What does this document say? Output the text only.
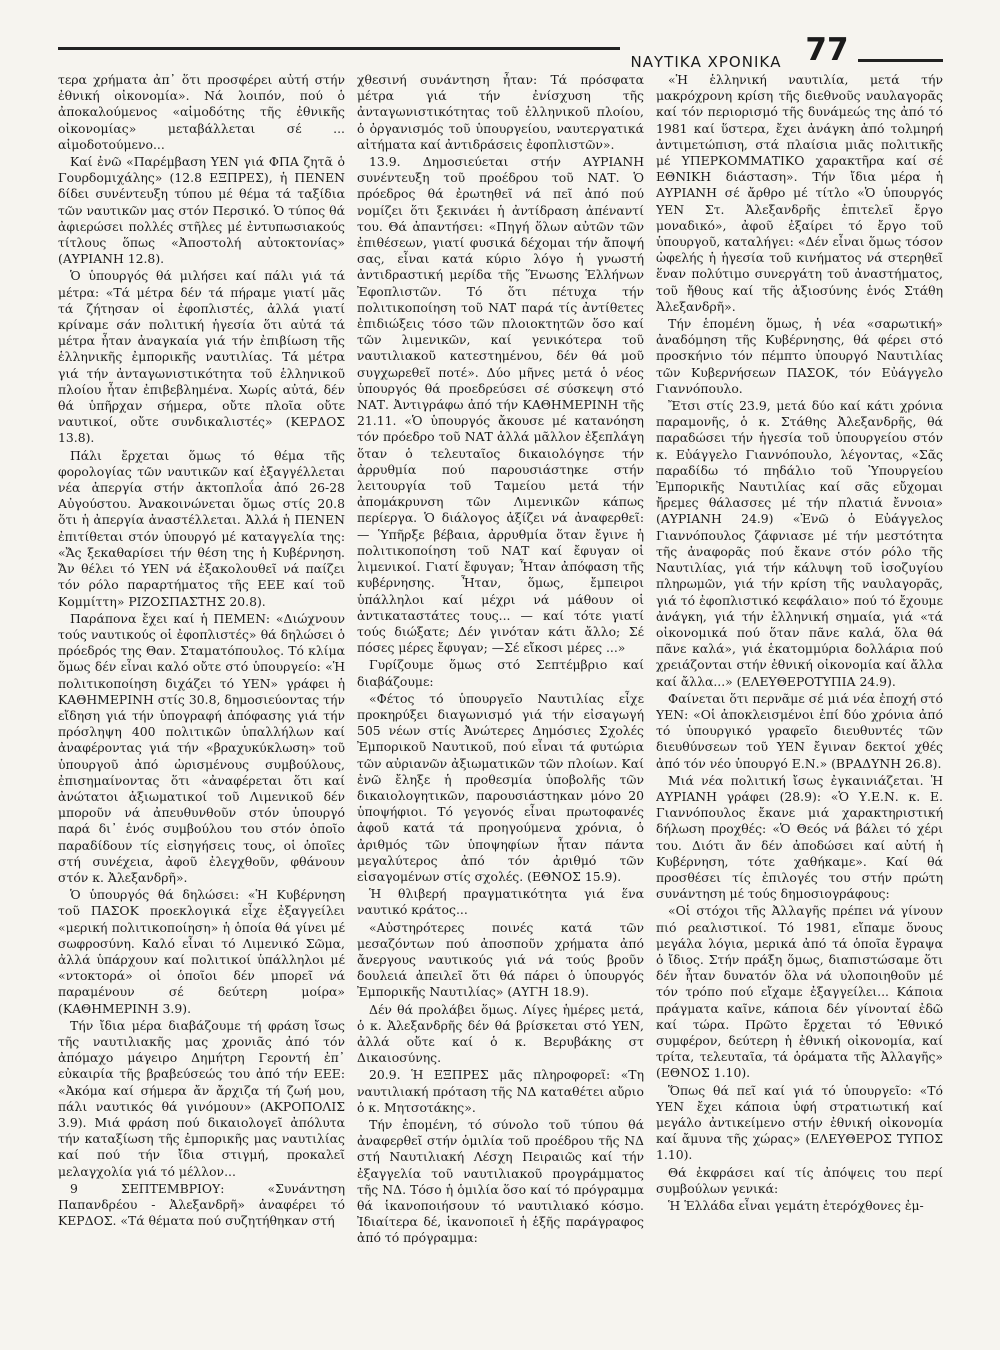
ΝΑΥΤΙΚΑ ΧΡΟΝΙΚΑ 77

τερα χρήματα ἀπ᾽ ὅτι προσφέρει αὐτή στήν ἐθνική οἰκονομία». Νά λοιπόν, πού ὁ ἀποκαλούμενος «αἱμοδότης τῆς ἐθνικῆς οἰκονομίας» μεταβάλλεται σέ ... αἱμοδοτούμενο...

Καί ἐνῶ «Παρέμβαση ΥΕΝ γιά ΦΠΑ ζητᾶ ὁ Γουρδομιχάλης» (12.8 ΕΞΠΡΕΣ), ἡ ΠΕΝΕΝ δίδει συνέντευξη τύπου μέ θέμα τά ταξίδια τῶν ναυτικῶν μας στόν Περσικό. Ὁ τύπος θά ἀφιερώσει πολλές στῆλες μέ ἐντυπωσιακούς τίτλους ὅπως «Ἀποστολή αὐτοκτονίας» (ΑΥΡΙΑΝΗ 12.8).

Ὁ ὑπουργός θά μιλήσει καί πάλι γιά τά μέτρα: «Τά μέτρα δέν τά πήραμε γιατί μᾶς τά ζήτησαν οἱ ἐφοπλιστές, ἀλλά γιατί κρίναμε σάν πολιτική ἡγεσία ὅτι αὐτά τά μέτρα ἦταν ἀναγκαία γιά τήν ἐπιβίωση τῆς ἑλληνικῆς ἐμπορικῆς ναυτιλίας. Τά μέτρα γιά τήν ἀνταγωνιστικότητα τοῦ ἑλληνικοῦ πλοίου ἦταν ἐπιβεβλημένα. Χωρίς αὐτά, δέν θά ὑπῆρχαν σήμερα, οὔτε πλοῖα οὔτε ναυτικοί, οὔτε συνδικαλιστές» (ΚΕΡΔΟΣ 13.8).

Πάλι ἔρχεται ὅμως τό θέμα τῆς φορολογίας τῶν ναυτικῶν καί ἐξαγγέλλεται νέα ἀπεργία στήν ἀκτοπλοΐα ἀπό 26-28 Αὐγούστου. Ἀνακοινώνεται ὅμως στίς 20.8 ὅτι ἡ ἀπεργία ἀναστέλλεται. Ἀλλά ἡ ΠΕΝΕΝ ἐπιτίθεται στόν ὑπουργό μέ καταγγελία της: «Ἄς ξεκαθαρίσει τήν θέση της ἡ Κυβέρνηση. Ἄν θέλει τό ΥΕΝ νά ἐξακολουθεῖ νά παίζει τόν ρόλο παραρτήματος τῆς ΕΕΕ καί τοῦ Κομμίττη» ΡΙΖΟΣΠΑΣΤΗΣ 20.8).

Παράπονα ἔχει καί ἡ ΠΕΜΕΝ: «Διώχνουν τούς ναυτικούς οἱ ἐφοπλιστές» θά δηλώσει ὁ πρόεδρός της Θαν. Σταματόπουλος. Τό κλίμα ὅμως δέν εἶναι καλό οὔτε στό ὑπουργείο: «Ἡ πολιτικοποίηση διχάζει τό ΥΕΝ» γράφει ἡ ΚΑΘΗΜΕΡΙΝΗ στίς 30.8, δημοσιεύοντας τήν εἴδηση γιά τήν ὑπογραφή ἀπόφασης γιά τήν πρόσληψη 400 πολιτικῶν ὑπαλλήλων καί ἀναφέροντας γιά τήν «βραχυκύκλωση» τοῦ ὑπουργοῦ ἀπό ὡρισμένους συμβούλους, ἐπισημαίνοντας ὅτι «ἀναφέρεται ὅτι καί ἀνώτατοι ἀξιωματικοί τοῦ Λιμενικοῦ δέν μποροῦν νά ἀπευθυνθοῦν στόν ὑπουργό παρά δι᾽ ἑνός συμβούλου του στόν ὁποῖο παραδίδουν τίς εἰσηγήσεις τους, οἱ ὁποῖες στή συνέχεια, ἀφοῦ ἐλεγχθοῦν, φθάνουν στόν κ. Ἀλεξανδρῆ».

Ὁ ὑπουργός θά δηλώσει: «Ἡ Κυβέρνηση τοῦ ΠΑΣΟΚ προεκλογικά εἶχε ἐξαγγείλει «μερική πολιτικοποίηση» ἡ ὁποία θά γίνει μέ σωφροσύνη. Καλό εἶναι τό Λιμενικό Σῶμα, ἀλλά ὑπάρχουν καί πολιτικοί ὑπάλληλοι μέ «ντοκτορά» οἱ ὁποῖοι δέν μπορεῖ νά παραμένουν σέ δεύτερη μοίρα» (ΚΑΘΗΜΕΡΙΝΗ 3.9).

Τήν ἴδια μέρα διαβάζουμε τή φράση ἴσως τῆς ναυτιλιακῆς μας χρονιᾶς ἀπό τόν ἀπόμαχο μάγειρο Δημήτρη Γεροντή ἐπ᾽ εὐκαιρία τῆς βραβεύσεώς του ἀπό τήν ΕΕΕ: «Ἀκόμα καί σήμερα ἄν ἄρχιζα τή ζωή μου, πάλι ναυτικός θά γινόμουν» (ΑΚΡΟΠΟΛΙΣ 3.9). Μιά φράση πού δικαιολογεῖ ἀπόλυτα τήν καταξίωση τῆς ἐμπορικῆς μας ναυτιλίας καί πού τήν ἴδια στιγμή, προκαλεῖ μελαγχολία γιά τό μέλλον...

9 ΣΕΠΤΕΜΒΡΙΟΥ: «Συνάντηση Παπανδρέου - Ἀλεξανδρῆ» ἀναφέρει τό ΚΕΡΔΟΣ. «Τά θέματα πού συζητήθηκαν στή

χθεσινή συνάντηση ἦταν: Τά πρόσφατα μέτρα γιά τήν ἐνίσχυση τῆς ἀνταγωνιστικότητας τοῦ ἑλληνικοῦ πλοίου, ὁ ὀργανισμός τοῦ ὑπουργείου, ναυτεργατικά αἰτήματα καί ἀντιδράσεις ἐφοπλιστῶν».

13.9. Δημοσιεύεται στήν ΑΥΡΙΑΝΗ συνέντευξη τοῦ προέδρου τοῦ ΝΑΤ. Ὁ πρόεδρος θά ἐρωτηθεῖ νά πεῖ ἀπό πού νομίζει ὅτι ξεκινάει ἡ ἀντίδραση ἀπέναντί του. Θά ἀπαντήσει: «Πηγή ὅλων αὐτῶν τῶν ἐπιθέσεων, γιατί φυσικά δέχομαι τήν ἄποψή σας, εἶναι κατά κύριο λόγο ἡ γνωστή ἀντιδραστική μερίδα τῆς Ἕνωσης Ἑλλήνων Ἐφοπλιστῶν. Τό ὅτι πέτυχα τήν πολιτικοποίηση τοῦ ΝΑΤ παρά τίς ἀντίθετες ἐπιδιώξεις τόσο τῶν πλοιοκτητῶν ὅσο καί τῶν λιμενικῶν, καί γενικότερα τοῦ ναυτιλιακοῦ κατεστημένου, δέν θά μοῦ συγχωρεθεῖ ποτέ». Δύο μῆνες μετά ὁ νέος ὑπουργός θά προεδρεύσει σέ σύσκεψη στό ΝΑΤ. Ἀντιγράφω ἀπό τήν ΚΑΘΗΜΕΡΙΝΗ τῆς 21.11. «Ὁ ὑπουργός ἄκουσε μέ κατανόηση τόν πρόεδρο τοῦ ΝΑΤ ἀλλά μᾶλλον ἐξεπλάγη ὅταν ὁ τελευταῖος δικαιολόγησε τήν ἀρρυθμία πού παρουσιάστηκε στήν λειτουργία τοῦ Ταμείου μετά τήν ἀπομάκρυνση τῶν Λιμενικῶν κάπως περίεργα. Ὁ διάλογος ἀξίζει νά ἀναφερθεῖ: — Ὑπῆρξε βέβαια, ἀρρυθμία ὅταν ἔγινε ἡ πολιτικοποίηση τοῦ ΝΑΤ καί ἔφυγαν οἱ λιμενικοί. Γιατί ἔφυγαν; Ἦταν ἀπόφαση τῆς κυβέρνησης. Ἦταν, ὅμως, ἔμπειροι ὑπάλληλοι καί μέχρι νά μάθουν οἱ ἀντικαταστάτες τους... — καί τότε γιατί τούς διώξατε; Δέν γινόταν κάτι ἄλλο; Σέ πόσες μέρες ἔφυγαν; —Σέ εἴκοσι μέρες ...»

Γυρίζουμε ὅμως στό Σεπτέμβριο καί διαβάζουμε:

«Φέτος τό ὑπουργεῖο Ναυτιλίας εἶχε προκηρύξει διαγωνισμό γιά τήν εἰσαγωγή 505 νέων στίς Ἀνώτερες Δημόσιες Σχολές Ἐμπορικοῦ Ναυτικοῦ, πού εἶναι τά φυτώρια τῶν αὐριανῶν ἀξιωματικῶν τῶν πλοίων. Καί ἐνῶ ἔληξε ἡ προθεσμία ὑποβολῆς τῶν δικαιολογητικῶν, παρουσιάστηκαν μόνο 20 ὑποψήφιοι. Τό γεγονός εἶναι πρωτοφανές ἀφοῦ κατά τά προηγούμενα χρόνια, ὁ ἀριθμός τῶν ὑποψηφίων ἦταν πάντα μεγαλύτερος ἀπό τόν ἀριθμό τῶν εἰσαγομένων στίς σχολές. (ΕΘΝΟΣ 15.9).

Ἡ θλιβερή πραγματικότητα γιά ἕνα ναυτικό κράτος...

«Αὐστηρότερες ποινές κατά τῶν μεσαζόντων πού ἀποσποῦν χρήματα ἀπό ἄνεργους ναυτικούς γιά νά τούς βροῦν δουλειά ἀπειλεῖ ὅτι θά πάρει ὁ ὑπουργός Ἐμπορικῆς Ναυτιλίας» (ΑΥΓΗ 18.9).

Δέν θά προλάβει ὅμως. Λίγες ἡμέρες μετά, ὁ κ. Ἀλεξανδρῆς δέν θά βρίσκεται στό ΥΕΝ, ἀλλά οὔτε καί ὁ κ. Βερυβάκης στ Δικαιοσύνης.

20.9. Ἡ ΕΞΠΡΕΣ μᾶς πληροφορεῖ: «Τη ναυτιλιακή πρόταση τῆς ΝΔ καταθέτει αὔριο ὁ κ. Μητσοτάκης».

Τήν ἑπομένη, τό σύνολο τοῦ τύπου θά ἀναφερθεῖ στήν ὁμιλία τοῦ προέδρου τῆς ΝΔ στή Ναυτιλιακή Λέσχη Πειραιῶς καί τήν ἐξαγγελία τοῦ ναυτιλιακοῦ προγράμματος τῆς ΝΔ. Τόσο ἡ ὁμιλία ὅσο καί τό πρόγραμμα θά ἱκανοποιήσουν τό ναυτιλιακό κόσμο. Ἰδιαίτερα δέ, ἱκανοποιεῖ ἡ ἑξῆς παράγραφος ἀπό τό πρόγραμμα:

«Ἡ ἑλληνική ναυτιλία, μετά τήν μακρόχρονη κρίση τῆς διεθνοῦς ναυλαγορᾶς καί τόν περιορισμό τῆς δυνάμεώς της ἀπό τό 1981 καί ὕστερα, ἔχει ἀνάγκη ἀπό τολμηρή ἀντιμετώπιση, στά πλαίσια μιᾶς πολιτικῆς μέ ΥΠΕΡΚΟΜΜΑΤΙΚΟ χαρακτῆρα καί σέ ΕΘΝΙΚΗ διάσταση». Τήν ἴδια μέρα ἡ ΑΥΡΙΑΝΗ σέ ἄρθρο μέ τίτλο «Ὁ ὑπουργός ΥΕΝ Στ. Ἀλεξανδρῆς ἐπιτελεῖ ἔργο μοναδικό», ἀφοῦ ἐξαίρει τό ἔργο τοῦ ὑπουργοῦ, καταλήγει: «Δέν εἶναι ὅμως τόσον ὠφελής ἡ ἡγεσία τοῦ κινήματος νά στερηθεῖ ἕναν πολύτιμο συνεργάτη τοῦ ἀναστήματος, τοῦ ἤθους καί τῆς ἀξιοσύνης ἑνός Στάθη Ἀλεξανδρῆ».

Τήν ἑπομένη ὅμως, ἡ νέα «σαρωτική» ἀναδόμηση τῆς Κυβέρνησης, θά φέρει στό προσκήνιο τόν πέμπτο ὑπουργό Ναυτιλίας τῶν Κυβερνήσεων ΠΑΣΟΚ, τόν Εὐάγγελο Γιαννόπουλο.

Ἔτσι στίς 23.9, μετά δύο καί κάτι χρόνια παραμονῆς, ὁ κ. Στάθης Ἀλεξανδρῆς, θά παραδώσει τήν ἡγεσία τοῦ ὑπουργείου στόν κ. Εὐάγγελο Γιαννόπουλο, λέγοντας, «Σᾶς παραδίδω τό πηδάλιο τοῦ Ὑπουργείου Ἐμπορικῆς Ναυτιλίας καί σᾶς εὔχομαι ἤρεμες θάλασσες μέ τήν πλατιά ἔννοια» (ΑΥΡΙΑΝΗ 24.9) «Ἐνῶ ὁ Εὐάγγελος Γιαννόπουλος ζάφνιασε μέ τήν μεστότητα τῆς ἀναφορᾶς πού ἔκανε στόν ρόλο τῆς Ναυτιλίας, γιά τήν κάλυψη τοῦ ἰσοζυγίου πληρωμῶν, γιά τήν κρίση τῆς ναυλαγορᾶς, γιά τό ἐφοπλιστικό κεφάλαιο» πού τό ἔχουμε ἀνάγκη, γιά τήν ἑλληνική σημαία, γιά «τά οἰκονομικά πού ὅταν πᾶνε καλά, ὅλα θά πᾶνε καλά», γιά ἑκατομμύρια δολλάρια πού χρειάζονται στήν ἐθνική οἰκονομία καί ἄλλα καί ἄλλα...» (ΕΛΕΥΘΕΡΟΤΥΠΙΑ 24.9).

Φαίνεται ὅτι περνᾶμε σέ μιά νέα ἐποχή στό ΥΕΝ: «Οἱ ἀποκλεισμένοι ἐπί δύο χρόνια ἀπό τό ὑπουργικό γραφεῖο διευθυντές τῶν διευθύνσεων τοῦ ΥΕΝ ἔγιναν δεκτοί χθές ἀπό τόν νέο ὑπουργό Ε.Ν.» (ΒΡΑΔΥΝΗ 26.8).

Μιά νέα πολιτική ἴσως ἐγκαινιάζεται. Ἡ ΑΥΡΙΑΝΗ γράφει (28.9): «Ὁ Υ.Ε.Ν. κ. Ε. Γιαννόπουλος ἔκανε μιά χαρακτηριστική δήλωση προχθές: «Ὁ Θεός νά βάλει τό χέρι του. Διότι ἄν δέν ἀποδώσει καί αὐτή ἡ Κυβέρνηση, τότε χαθήκαμε». Καί θά προσθέσει τίς ἐπιλογές του στήν πρώτη συνάντηση μέ τούς δημοσιογράφους:

«Οἱ στόχοι τῆς Ἀλλαγῆς πρέπει νά γίνουν πιό ρεαλιστικοί. Τό 1981, εἴπαμε ὅνους μεγάλα λόγια, μερικά ἀπό τά ὁποῖα ἔγραψα ὁ ἴδιος. Στήν πράξη ὅμως, διαπιστώσαμε ὅτι δέν ἦταν δυνατόν ὅλα νά υλοποιηθοῦν μέ τόν τρόπο πού εἴχαμε ἐξαγγείλει... Κάποια πράγματα καῖνε, κάποια δέν γίνονταί ἐδῶ καί τώρα. Πρῶτο ἔρχεται τό Ἐθνικό συμφέρον, δεύτερη ἡ ἐθνική οἰκονομία, καί τρίτα, τελευταῖα, τά ὁράματα τῆς Ἀλλαγῆς» (ΕΘΝΟΣ 1.10).

Ὅπως θά πεῖ καί γιά τό ὑπουργεῖο: «Τό ΥΕΝ ἔχει κάποια ὑφή στρατιωτική καί μεγάλο ἀντικείμενο στήν ἐθνική οἰκονομία καί ἄμυνα τῆς χώρας» (ΕΛΕΥΘΕΡΟΣ ΤΥΠΟΣ 1.10).

Θά ἐκφράσει καί τίς ἀπόψεις του περί συμβούλων γενικά:

Ἡ Ἑλλάδα εἶναι γεμάτη ἑτερόχθονες ἐμ-
